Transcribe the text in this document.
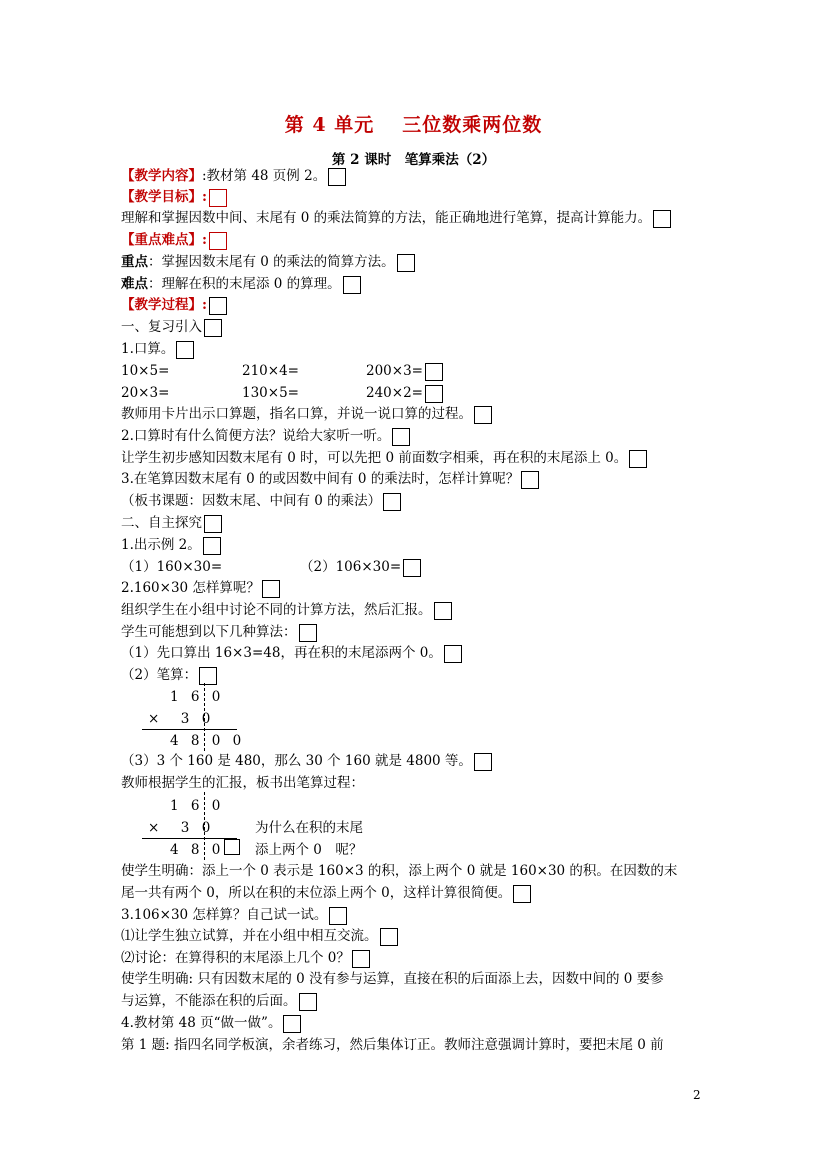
第 4 单元 三位数乘两位数
第 2 课时　笔算乘法（2）
【教学内容】:教材第 48 页例 2。
【教学目标】:
理解和掌握因数中间、末尾有 0 的乘法简算的方法，能正确地进行笔算，提高计算能力。
【重点难点】:
重点：掌握因数末尾有 0 的乘法的简算方法。
难点：理解在积的末尾添 0 的算理。
【教学过程】:
一、复习引入
1.口算。
10×5=	210×4=	200×3=
20×3=	130×5=	240×2=
教师用卡片出示口算题，指名口算，并说一说口算的过程。
2.口算时有什么简便方法？说给大家听一听。
让学生初步感知因数末尾有 0 时，可以先把 0 前面数字相乘，再在积的末尾添上 0。
3.在笔算因数末尾有 0 的或因数中间有 0 的乘法时，怎样计算呢？
（板书课题：因数末尾、中间有 0 的乘法）
二、自主探究
1.出示例 2。
（1）160×30=	（2）106×30=
2.160×30 怎样算呢？
组织学生在小组中讨论不同的计算方法，然后汇报。
学生可能想到以下几种算法：
（1）先口算出 16×3=48，再在积的末尾添两个 0。
（2）笔算：
1 6 0
×　3 0
4 8 0 0
（3）3 个 160 是 480，那么 30 个 160 就是 4800 等。
教师根据学生的汇报，板书出笔算过程：
1 6 0
×　3 0
4 8 0
为什么在积的末尾
添上两个 0　呢？
使学生明确：添上一个 0 表示是 160×3 的积，添上两个 0 就是 160×30 的积。在因数的末
尾一共有两个 0，所以在积的末位添上两个 0，这样计算很简便。
3.106×30 怎样算？自己试一试。
⑴让学生独立试算，并在小组中相互交流。
⑵讨论：在算得积的末尾添上几个 0？
使学生明确: 只有因数末尾的 0 没有参与运算，直接在积的后面添上去，因数中间的 0 要参
与运算，不能添在积的后面。
4.教材第 48 页“做一做”。
第 1 题: 指四名同学板演，余者练习，然后集体订正。教师注意强调计算时，要把末尾 0 前
2
